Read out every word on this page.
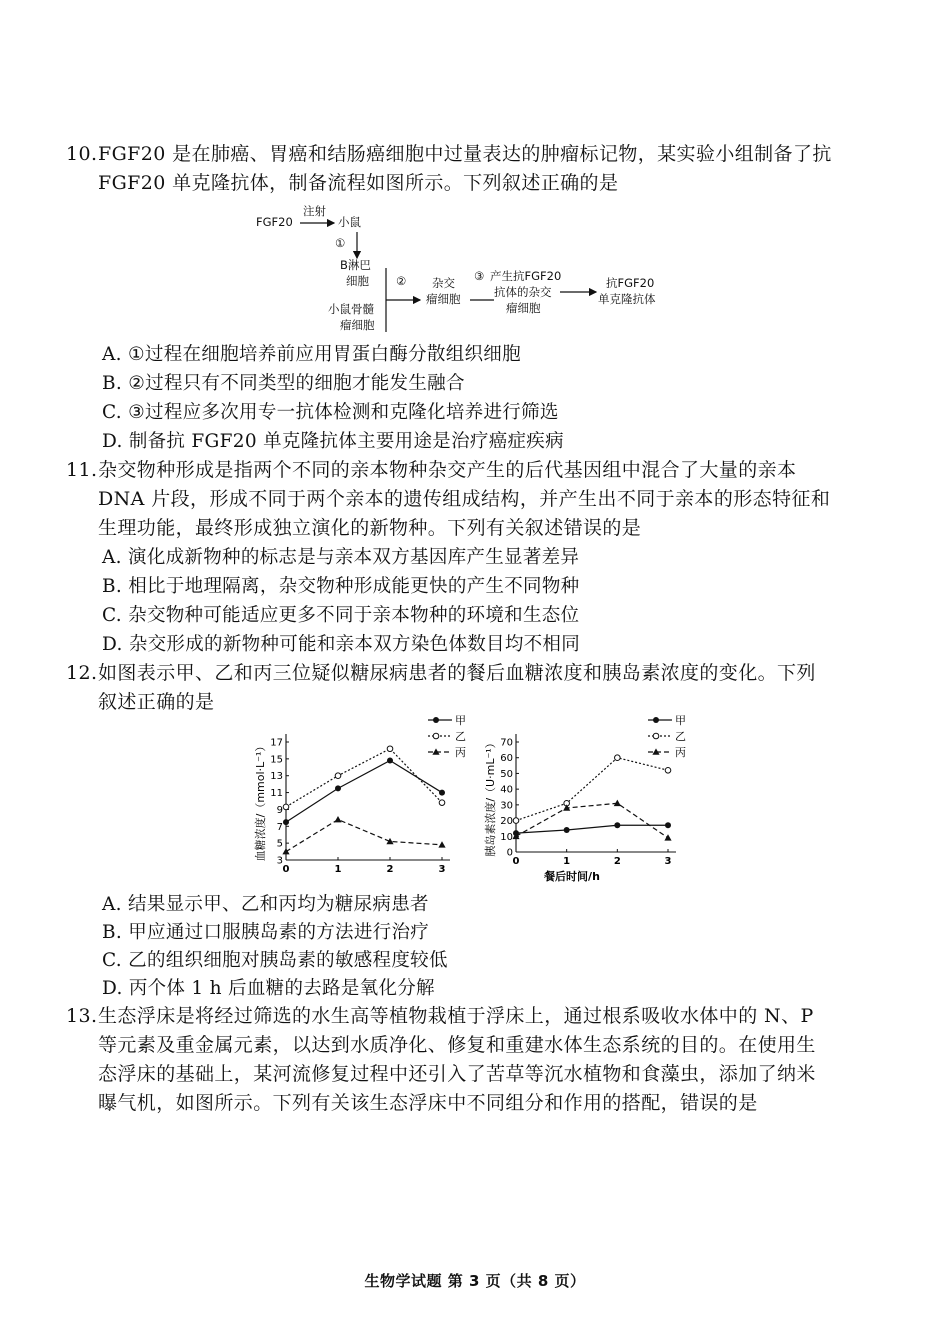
10.FGF20 是在肺癌、胃癌和结肠癌细胞中过量表达的肿瘤标记物，某实验小组制备了抗

FGF20 单克隆抗体，制备流程如图所示。下列叙述正确的是

FGF20
注射
小鼠
①
B淋巴
细胞
小鼠骨髓
瘤细胞
② 杂交
瘤细胞
③ 产生抗FGF20
抗体的杂交
瘤细胞
抗FGF20
单克隆抗体
A. ①过程在细胞培养前应用胃蛋白酶分散组织细胞
B. ②过程只有不同类型的细胞才能发生融合
C. ③过程应多次用专一抗体检测和克隆化培养进行筛选
D. 制备抗 FGF20 单克隆抗体主要用途是治疗癌症疾病

11.杂交物种形成是指两个不同的亲本物种杂交产生的后代基因组中混合了大量的亲本

DNA 片段，形成不同于两个亲本的遗传组成结构，并产生出不同于亲本的形态特征和

生理功能，最终形成独立演化的新物种。下列有关叙述错误的是

A. 演化成新物种的标志是与亲本双方基因库产生显著差异
B. 相比于地理隔离，杂交物种形成能更快的产生不同物种
C. 杂交物种可能适应更多不同于亲本物种的环境和生态位
D. 杂交形成的新物种可能和亲本双方染色体数目均不相同

12.如图表示甲、乙和丙三位疑似糖尿病患者的餐后血糖浓度和胰岛素浓度的变化。下列

叙述正确的是

3
5
7
9
11
13
15
17
0	1	2	3
血糖浓度/（mmol·L⁻¹）
甲
乙
丙
0
10
20
30
40
50
60
70
0	1	2	3
胰岛素浓度/（U·mL⁻¹）
甲
乙
丙
餐后时间/h
A. 结果显示甲、乙和丙均为糖尿病患者
B. 甲应通过口服胰岛素的方法进行治疗
C. 乙的组织细胞对胰岛素的敏感程度较低
D. 丙个体 1 h 后血糖的去路是氧化分解

13.生态浮床是将经过筛选的水生高等植物栽植于浮床上，通过根系吸收水体中的 N、P

等元素及重金属元素，以达到水质净化、修复和重建水体生态系统的目的。在使用生

态浮床的基础上，某河流修复过程中还引入了苦草等沉水植物和食藻虫，添加了纳米

曝气机，如图所示。下列有关该生态浮床中不同组分和作用的搭配，错误的是

生物学试题 第 3 页（共 8 页）
